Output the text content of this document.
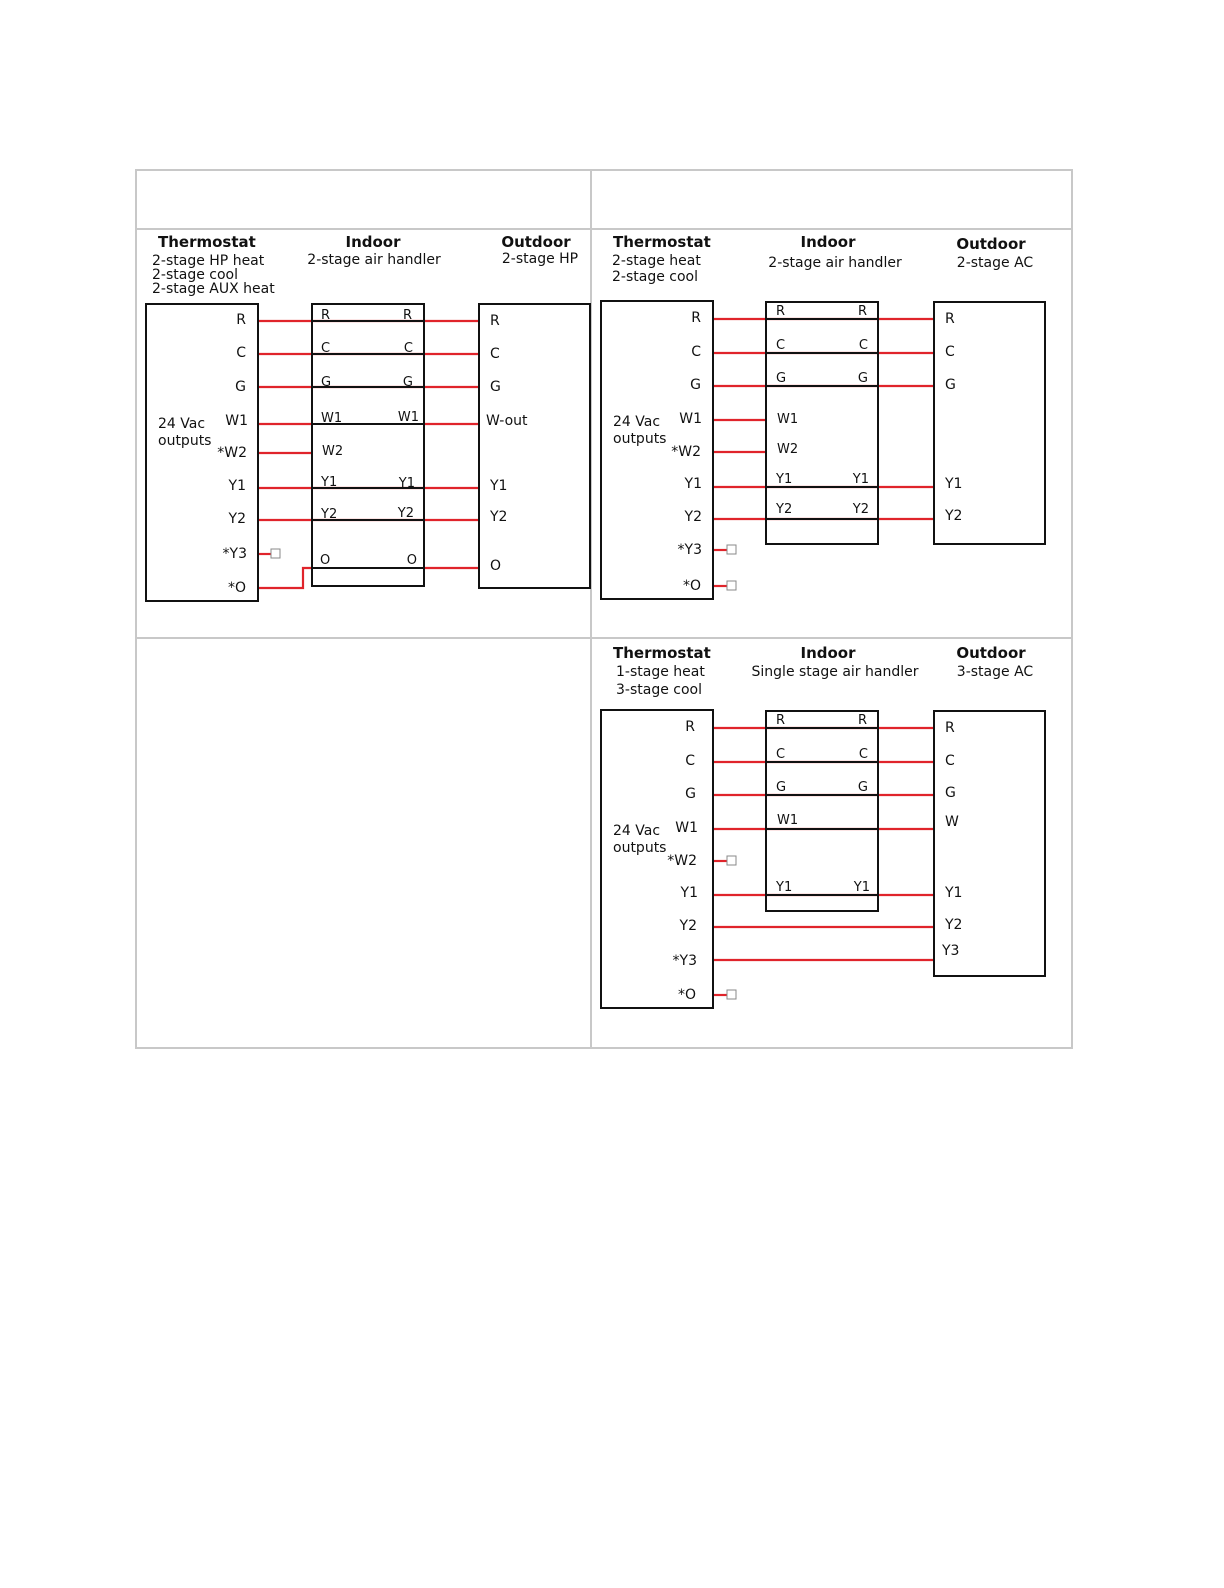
Thermostat
2-stage HP heat
2-stage cool
2-stage AUX heat
Indoor
2-stage air handler
Outdoor
2-stage HP
24 Vac
outputs
R
C
G
W1
*W2
Y1
Y2
*Y3
*O
R
C
G
W1
W2
Y1
Y2
O
R
C
G
W1
Y1
Y2
O
R
C
G
W-out
Y1
Y2
O
Thermostat
2-stage heat
2-stage cool
Indoor
2-stage air handler
Outdoor
2-stage AC
24 Vac
outputs
R
C
G
W1
*W2
Y1
Y2
*Y3
*O
R
C
G
W1
W2
Y1
Y2
R
C
G
Y1
Y2
R
C
G
Y1
Y2
Thermostat
1-stage heat
3-stage cool
Indoor
Single stage air handler
Outdoor
3-stage AC
24 Vac
outputs
R
C
G
W1
*W2
Y1
Y2
*Y3
*O
R
C
G
W1
Y1
R
C
G
Y1
R
C
G
W
Y1
Y2
Y3
